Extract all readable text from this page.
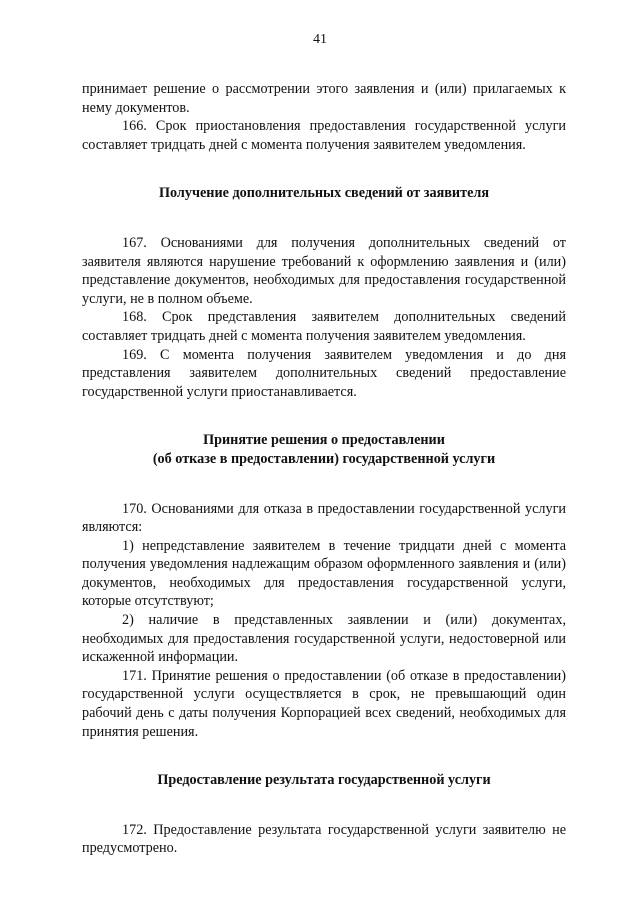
41

принимает решение о рассмотрении этого заявления и (или) прилагаемых к нему документов.

166. Срок приостановления предоставления государственной услуги составляет тридцать дней с момента получения заявителем уведомления.

Получение дополнительных сведений от заявителя

167. Основаниями для получения дополнительных сведений от заявителя являются нарушение требований к оформлению заявления и (или) представление документов, необходимых для предоставления государственной услуги, не в полном объеме.

168. Срок представления заявителем дополнительных сведений составляет тридцать дней с момента получения заявителем уведомления.

169. С момента получения заявителем уведомления и до дня представления заявителем дополнительных сведений предоставление государственной услуги приостанавливается.

Принятие решения о предоставлении
(об отказе в предоставлении) государственной услуги

170. Основаниями для отказа в предоставлении государственной услуги являются:

1) непредставление заявителем в течение тридцати дней с момента получения уведомления надлежащим образом оформленного заявления и (или) документов, необходимых для предоставления государственной услуги, которые отсутствуют;

2) наличие в представленных заявлении и (или) документах, необходимых для предоставления государственной услуги, недостоверной или искаженной информации.

171. Принятие решения о предоставлении (об отказе в предоставлении) государственной услуги осуществляется в срок, не превышающий один рабочий день с даты получения Корпорацией всех сведений, необходимых для принятия решения.

Предоставление результата государственной услуги

172. Предоставление результата государственной услуги заявителю не предусмотрено.
